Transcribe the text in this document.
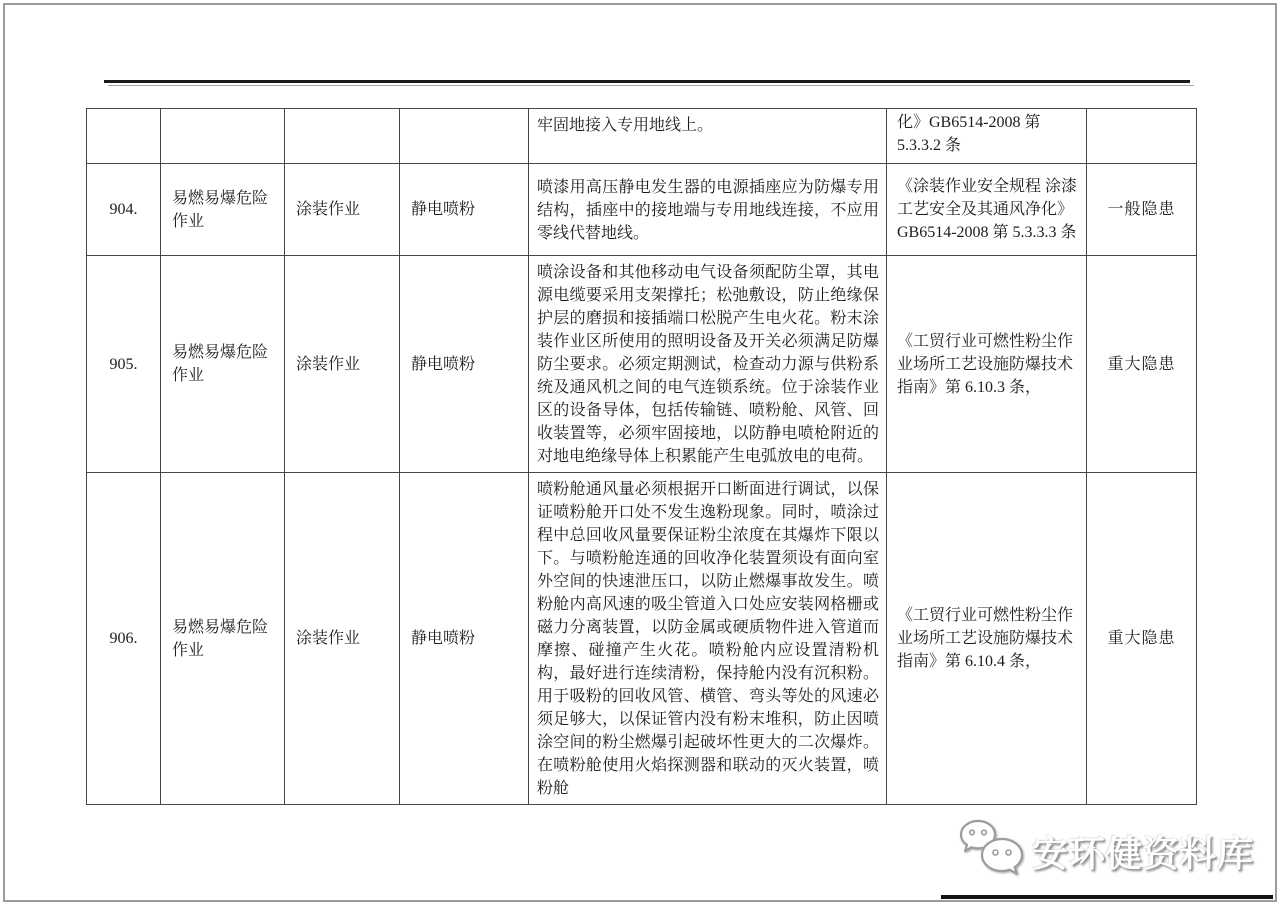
				牢固地接入专用地线上。	化》GB6514-2008 第 5.3.3.2 条	
904.	易燃易爆危险作业	涂装作业	静电喷粉	喷漆用高压静电发生器的电源插座应为防爆专用结构，插座中的接地端与专用地线连接，不应用零线代替地线。	《涂装作业安全规程 涂漆工艺安全及其通风净化》GB6514-2008 第 5.3.3.3 条	一般隐患
905.	易燃易爆危险作业	涂装作业	静电喷粉	喷涂设备和其他移动电气设备须配防尘罩，其电源电缆要采用支架撑托；松弛敷设，防止绝缘保护层的磨损和接插端口松脱产生电火花。粉末涂装作业区所使用的照明设备及开关必须满足防爆防尘要求。必须定期测试，检查动力源与供粉系统及通风机之间的电气连锁系统。位于涂装作业区的设备导体，包括传输链、喷粉舱、风管、回收装置等，必须牢固接地，以防静电喷枪附近的对地电绝缘导体上积累能产生电弧放电的电荷。	《工贸行业可燃性粉尘作业场所工艺设施防爆技术指南》第 6.10.3 条，	重大隐患
906.	易燃易爆危险作业	涂装作业	静电喷粉	喷粉舱通风量必须根据开口断面进行调试，以保证喷粉舱开口处不发生逸粉现象。同时，喷涂过程中总回收风量要保证粉尘浓度在其爆炸下限以下。与喷粉舱连通的回收净化装置须设有面向室外空间的快速泄压口，以防止燃爆事故发生。喷粉舱内高风速的吸尘管道入口处应安装网格栅或磁力分离装置，以防金属或硬质物件进入管道而摩擦、碰撞产生火花。喷粉舱内应设置清粉机构，最好进行连续清粉，保持舱内没有沉积粉。用于吸粉的回收风管、横管、弯头等处的风速必须足够大，以保证管内没有粉末堆积，防止因喷涂空间的粉尘燃爆引起破坏性更大的二次爆炸。在喷粉舱使用火焰探测器和联动的灭火装置，喷粉舱	《工贸行业可燃性粉尘作业场所工艺设施防爆技术指南》第 6.10.4 条，	重大隐患
安环健资料库
